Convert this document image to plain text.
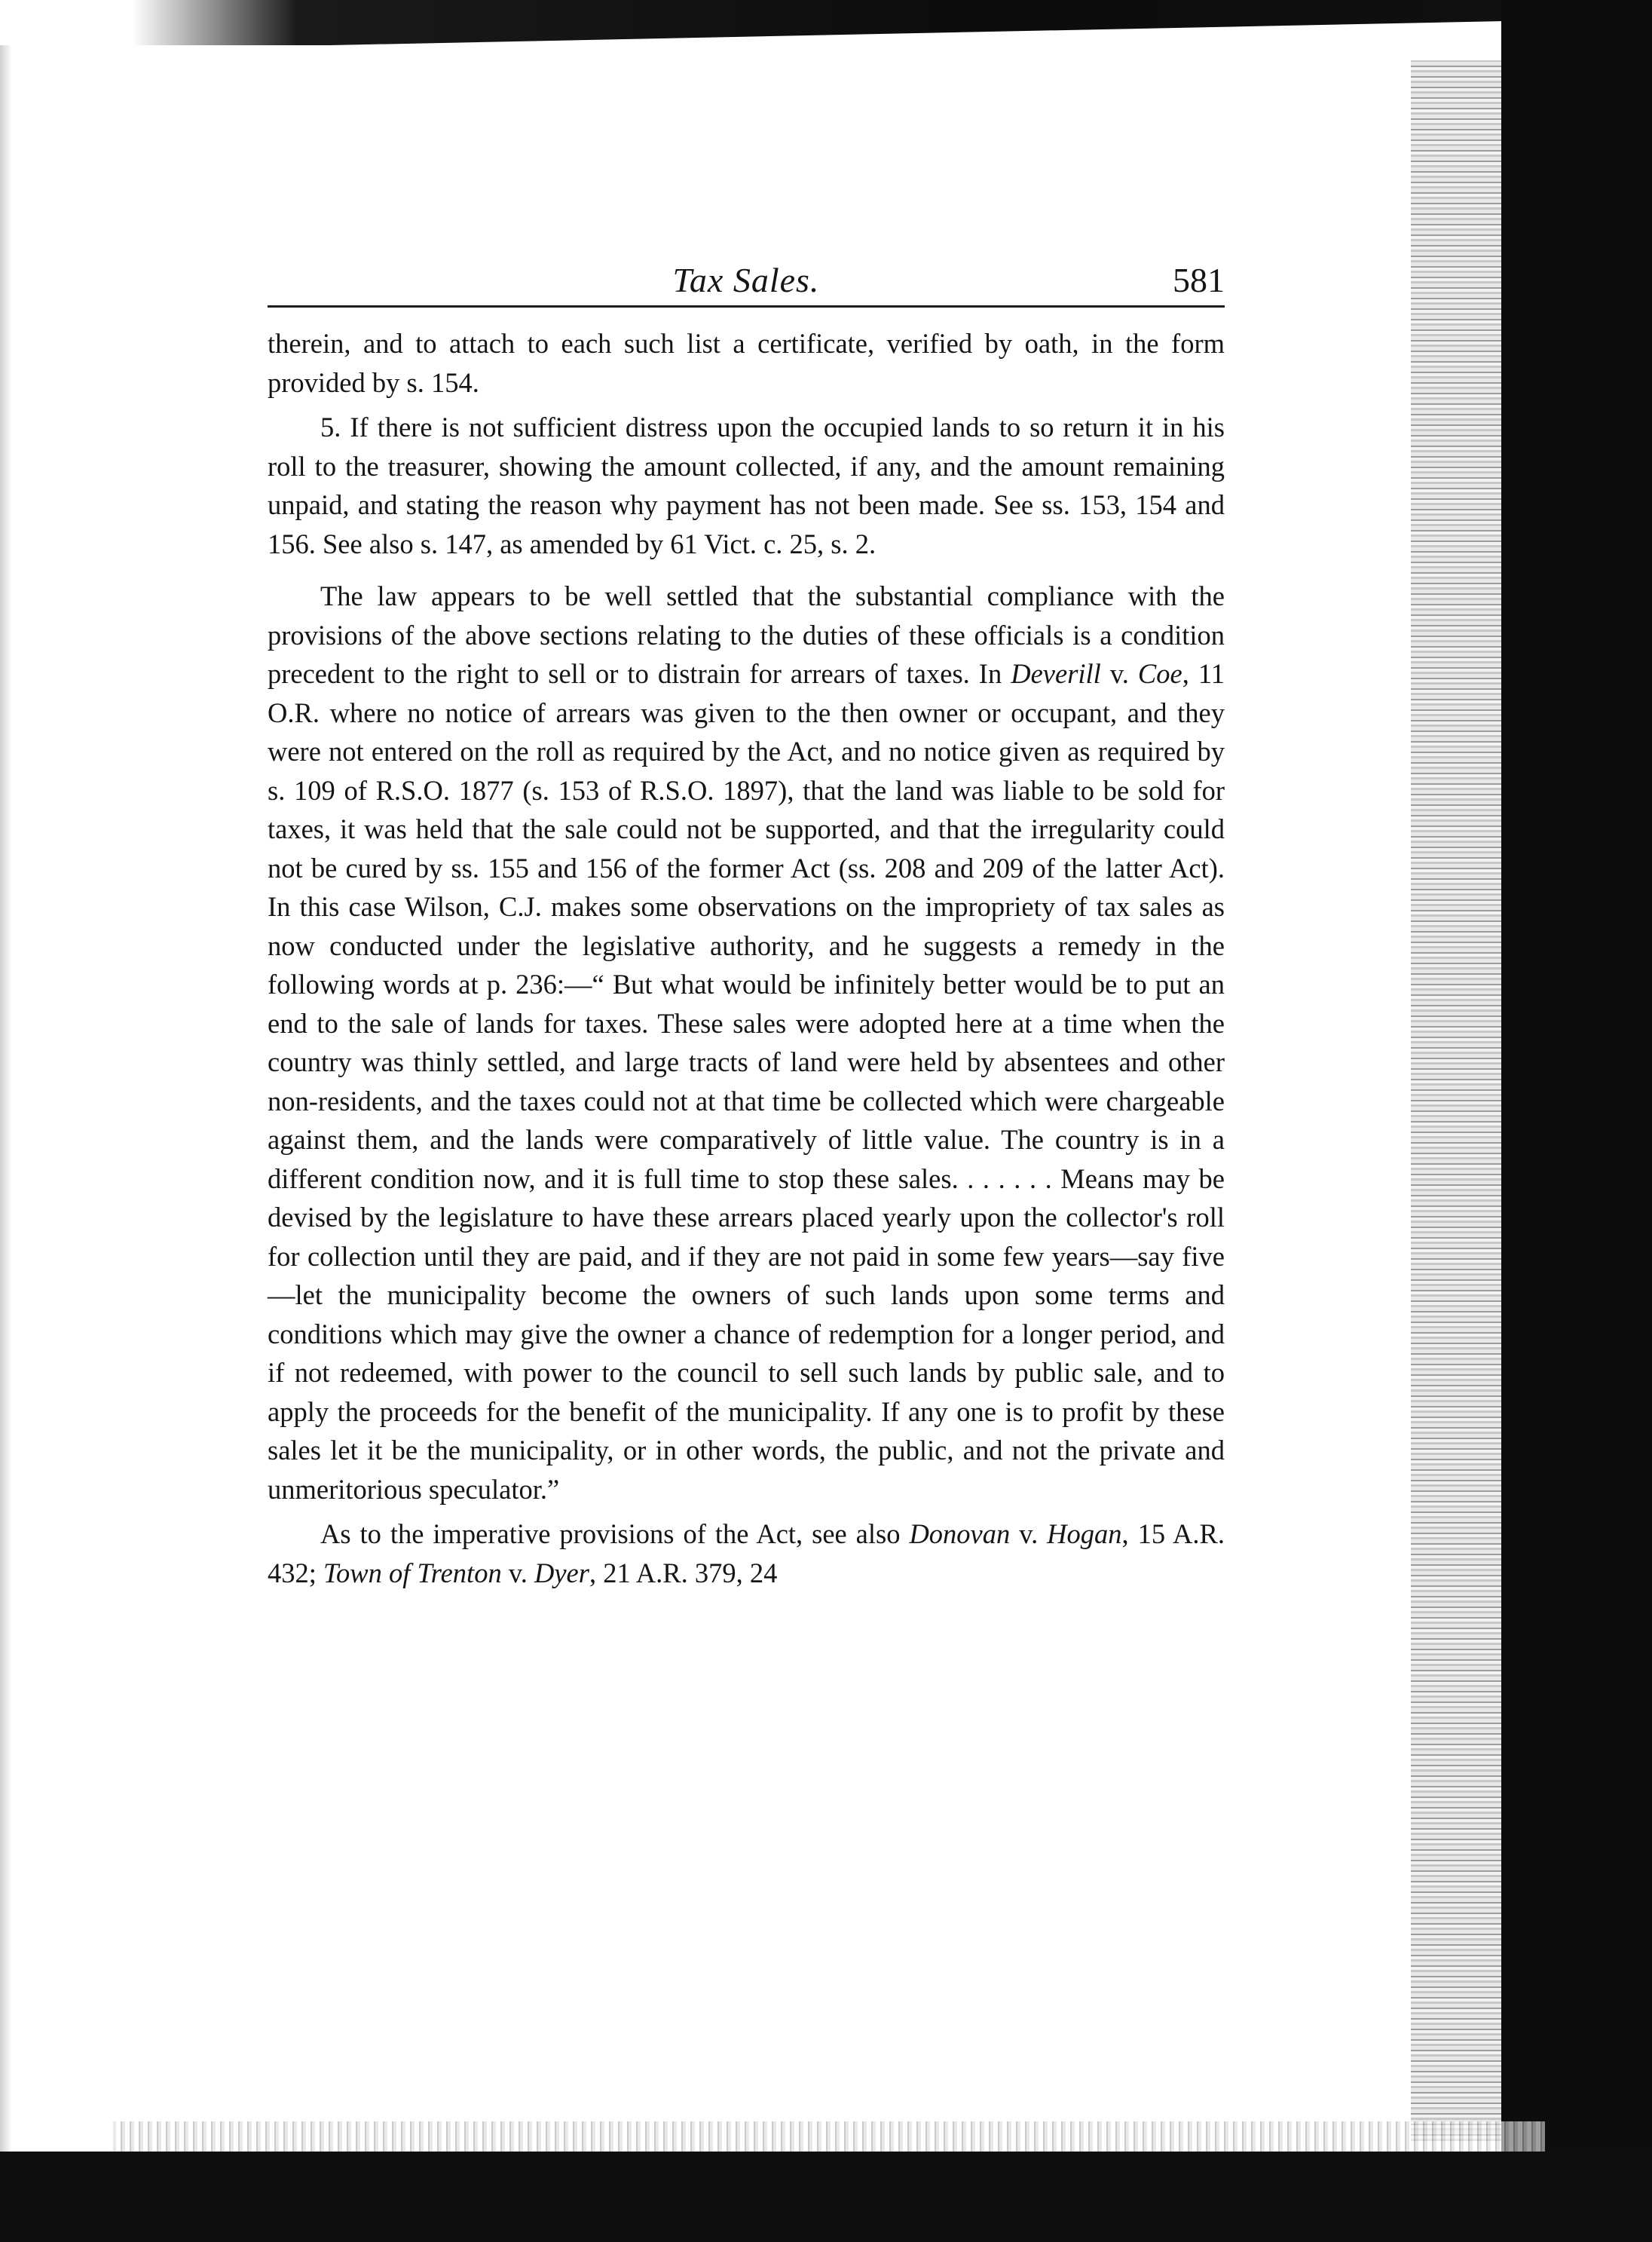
Tax Sales.	581

therein, and to attach to each such list a certificate, verified by oath, in the form provided by s. 154.

5. If there is not sufficient distress upon the occupied lands to so return it in his roll to the treasurer, showing the amount collected, if any, and the amount remaining unpaid, and stating the reason why payment has not been made. See ss. 153, 154 and 156. See also s. 147, as amended by 61 Vict. c. 25, s. 2.

The law appears to be well settled that the substantial compliance with the provisions of the above sections relating to the duties of these officials is a condition precedent to the right to sell or to distrain for arrears of taxes. In Deverill v. Coe, 11 O.R. where no notice of arrears was given to the then owner or occupant, and they were not entered on the roll as required by the Act, and no notice given as required by s. 109 of R.S.O. 1877 (s. 153 of R.S.O. 1897), that the land was liable to be sold for taxes, it was held that the sale could not be supported, and that the irregularity could not be cured by ss. 155 and 156 of the former Act (ss. 208 and 209 of the latter Act). In this case Wilson, C.J. makes some observations on the impropriety of tax sales as now conducted under the legislative authority, and he suggests a remedy in the following words at p. 236:—“ But what would be infinitely better would be to put an end to the sale of lands for taxes. These sales were adopted here at a time when the country was thinly settled, and large tracts of land were held by absentees and other non-residents, and the taxes could not at that time be collected which were chargeable against them, and the lands were comparatively of little value. The country is in a different condition now, and it is full time to stop these sales. . . . . . . Means may be devised by the legislature to have these arrears placed yearly upon the collector's roll for collection until they are paid, and if they are not paid in some few years—say five—let the municipality become the owners of such lands upon some terms and conditions which may give the owner a chance of redemption for a longer period, and if not redeemed, with power to the council to sell such lands by public sale, and to apply the proceeds for the benefit of the municipality. If any one is to profit by these sales let it be the municipality, or in other words, the public, and not the private and unmeritorious speculator.”

As to the imperative provisions of the Act, see also Donovan v. Hogan, 15 A.R. 432; Town of Trenton v. Dyer, 21 A.R. 379, 24
